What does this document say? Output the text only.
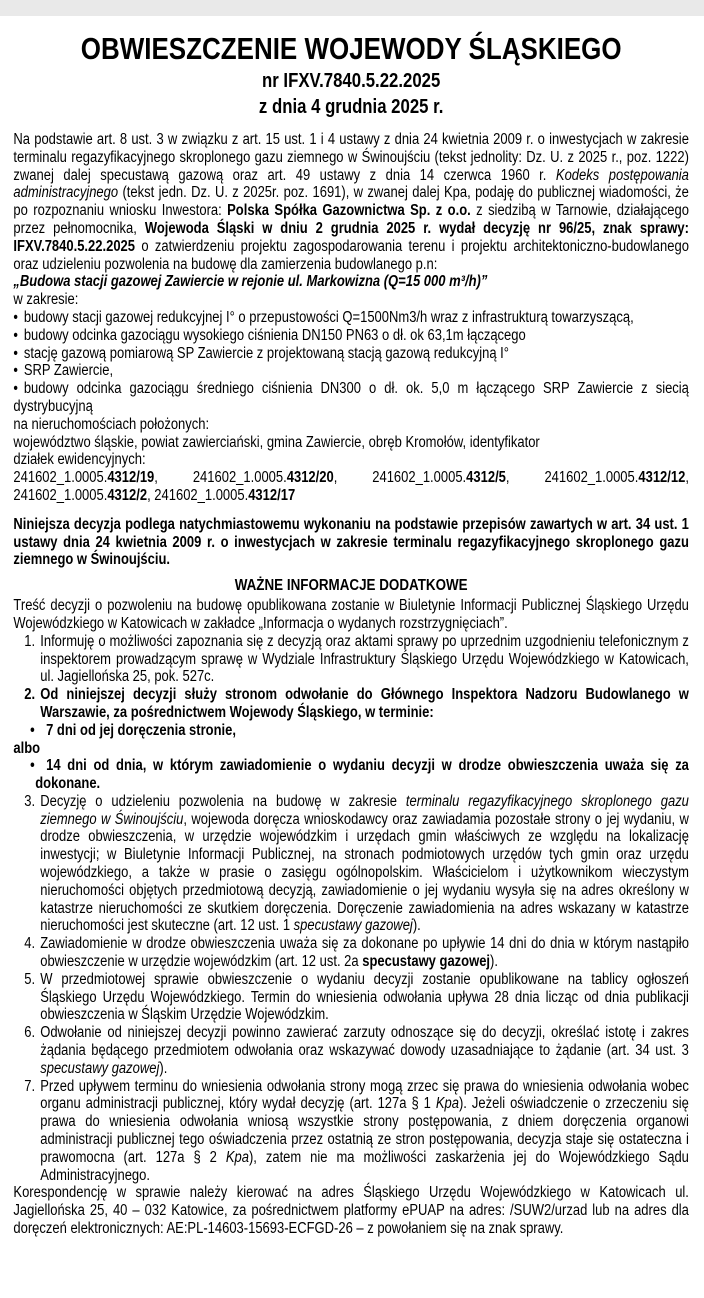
OBWIESZCZENIE WOJEWODY ŚLĄSKIEGO
nr IFXV.7840.5.22.2025
z dnia 4 grudnia 2025 r.

Na podstawie art. 8 ust. 3 w związku z art. 15 ust. 1 i 4 ustawy z dnia 24 kwietnia 2009 r. o inwestycjach w zakresie terminalu regazyfikacyjnego skroplonego gazu ziemnego w Świnoujściu (tekst jednolity: Dz. U. z 2025 r., poz. 1222) zwanej dalej specustawą gazową oraz art. 49 ustawy z dnia 14 czerwca 1960 r. Kodeks postępowania administracyjnego (tekst jedn. Dz. U. z 2025r. poz. 1691), w zwanej dalej Kpa, podaję do publicznej wiadomości, że po rozpoznaniu wniosku Inwestora: Polska Spółka Gazownictwa Sp. z o.o. z siedzibą w Tarnowie, działającego przez pełnomocnika, Wojewoda Śląski w dniu 2 grudnia 2025 r. wydał decyzję nr 96/25, znak sprawy: IFXV.7840.5.22.2025 o zatwierdzeniu projektu zagospodarowania terenu i projektu architektoniczno-budowlanego oraz udzieleniu pozwolenia na budowę dla zamierzenia budowlanego p.n:

„Budowa stacji gazowej Zawiercie w rejonie ul. Markowizna (Q=15 000 m³/h)”

w zakresie:

• budowy stacji gazowej redukcyjnej I° o przepustowości Q=1500Nm3/h wraz z infrastrukturą towarzyszącą,

• budowy odcinka gazociągu wysokiego ciśnienia DN150 PN63 o dł. ok 63,1m łączącego

• stację gazową pomiarową SP Zawiercie z projektowaną stacją gazową redukcyjną I°

• SRP Zawiercie,

• budowy odcinka gazociągu średniego ciśnienia DN300 o dł. ok. 5,0 m łączącego SRP Zawiercie z siecią dystrybucyjną

na nieruchomościach położonych:

województwo śląskie, powiat zawierciański, gmina Zawiercie, obręb Kromołów, identyfikator

działek ewidencyjnych:

241602_1.0005.4312/19, 241602_1.0005.4312/20, 241602_1.0005.4312/5, 241602_1.0005.4312/12, 241602_1.0005.4312/2, 241602_1.0005.4312/17

Niniejsza decyzja podlega natychmiastowemu wykonaniu na podstawie przepisów zawartych w art. 34 ust. 1 ustawy dnia 24 kwietnia 2009 r. o inwestycjach w zakresie terminalu regazyfikacyjnego skroplonego gazu ziemnego w Świnoujściu.

WAŻNE INFORMACJE DODATKOWE

Treść decyzji o pozwoleniu na budowę opublikowana zostanie w Biuletynie Informacji Publicznej Śląskiego Urzędu Wojewódzkiego w Katowicach w zakładce „Informacja o wydanych rozstrzygnięciach”.

1. Informuję o możliwości zapoznania się z decyzją oraz aktami sprawy po uprzednim uzgodnieniu telefonicznym z inspektorem prowadzącym sprawę w Wydziale Infrastruktury Śląskiego Urzędu Wojewódzkiego w Katowicach, ul. Jagiellońska 25, pok. 527c.

2. Od niniejszej decyzji służy stronom odwołanie do Głównego Inspektora Nadzoru Budowlanego w Warszawie, za pośrednictwem Wojewody Śląskiego, w terminie:

• 7 dni od jej doręczenia stronie,

albo

• 14 dni od dnia, w którym zawiadomienie o wydaniu decyzji w drodze obwieszczenia uważa się za dokonane.

3. Decyzję o udzieleniu pozwolenia na budowę w zakresie terminalu regazyfikacyjnego skroplonego gazu ziemnego w Świnoujściu, wojewoda doręcza wnioskodawcy oraz zawiadamia pozostałe strony o jej wydaniu, w drodze obwieszczenia, w urzędzie wojewódzkim i urzędach gmin właściwych ze względu na lokalizację inwestycji; w Biuletynie Informacji Publicznej, na stronach podmiotowych urzędów tych gmin oraz urzędu wojewódzkiego, a także w prasie o zasięgu ogólnopolskim. Właścicielom i użytkownikom wieczystym nieruchomości objętych przedmiotową decyzją, zawiadomienie o jej wydaniu wysyła się na adres określony w katastrze nieruchomości ze skutkiem doręczenia. Doręczenie zawiadomienia na adres wskazany w katastrze nieruchomości jest skuteczne (art. 12 ust. 1 specustawy gazowej).

4. Zawiadomienie w drodze obwieszczenia uważa się za dokonane po upływie 14 dni do dnia w którym nastąpiło obwieszczenie w urzędzie wojewódzkim (art. 12 ust. 2a specustawy gazowej).

5. W przedmiotowej sprawie obwieszczenie o wydaniu decyzji zostanie opublikowane na tablicy ogłoszeń Śląskiego Urzędu Wojewódzkiego. Termin do wniesienia odwołania upływa 28 dnia licząc od dnia publikacji obwieszczenia w Śląskim Urzędzie Wojewódzkim.

6. Odwołanie od niniejszej decyzji powinno zawierać zarzuty odnoszące się do decyzji, określać istotę i zakres żądania będącego przedmiotem odwołania oraz wskazywać dowody uzasadniające to żądanie (art. 34 ust. 3 specustawy gazowej).

7. Przed upływem terminu do wniesienia odwołania strony mogą zrzec się prawa do wniesienia odwołania wobec organu administracji publicznej, który wydał decyzję (art. 127a § 1 Kpa). Jeżeli oświadczenie o zrzeczeniu się prawa do wniesienia odwołania wniosą wszystkie strony postępowania, z dniem doręczenia organowi administracji publicznej tego oświadczenia przez ostatnią ze stron postępowania, decyzja staje się ostateczna i prawomocna (art. 127a § 2 Kpa), zatem nie ma możliwości zaskarżenia jej do Wojewódzkiego Sądu Administracyjnego.

Korespondencję w sprawie należy kierować na adres Śląskiego Urzędu Wojewódzkiego w Katowicach ul. Jagiellońska 25, 40 – 032 Katowice, za pośrednictwem platformy ePUAP na adres: /SUW2/urzad lub na adres dla doręczeń elektronicznych: AE:PL-14603-15693-ECFGD-26 – z powołaniem się na znak sprawy.
